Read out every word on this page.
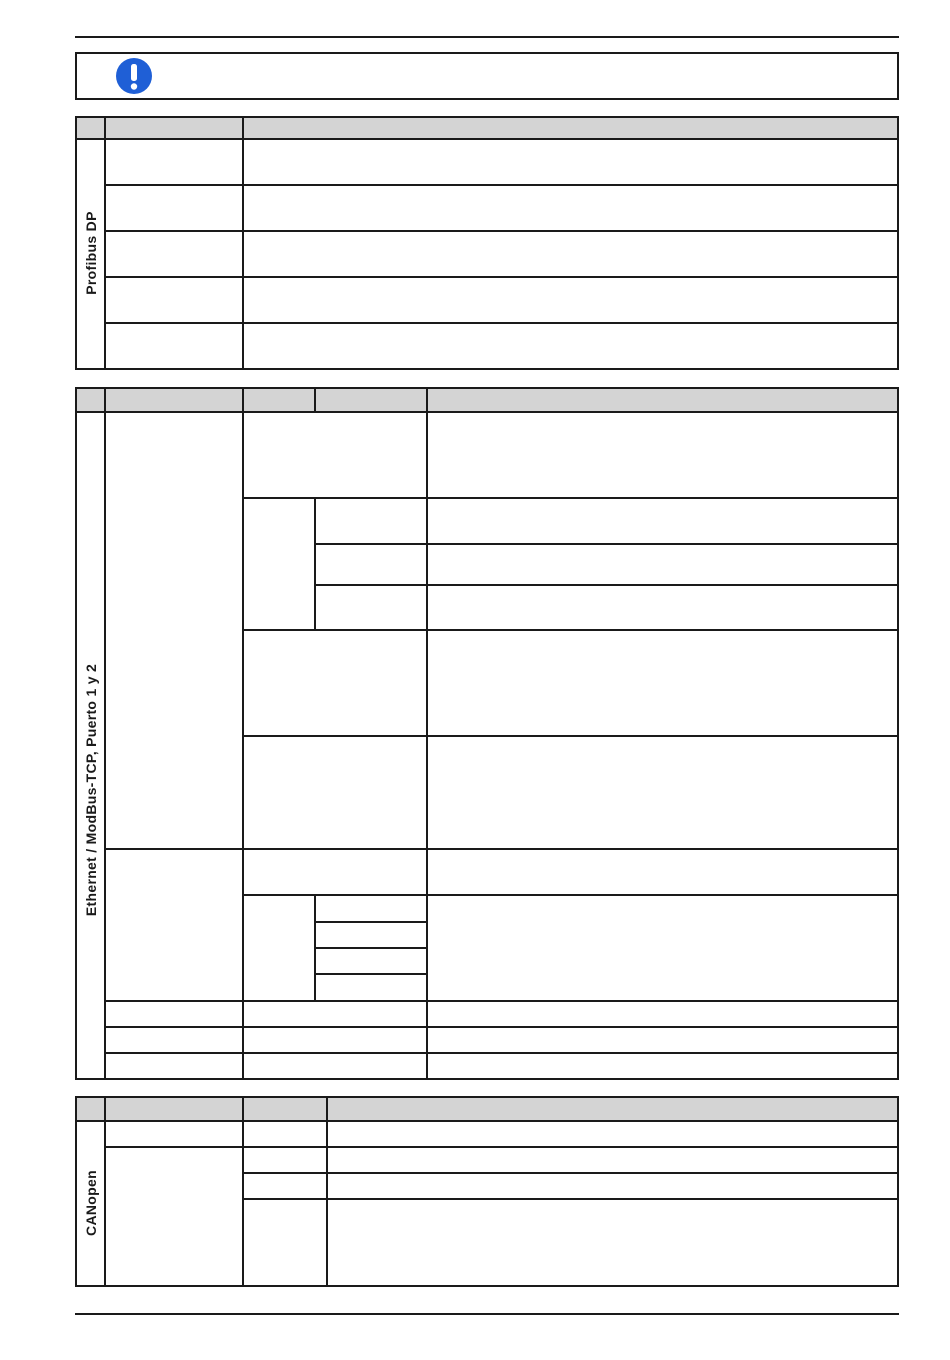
Profibus DP
Ethernet / ModBus-TCP, Puerto 1 y 2
CANopen
